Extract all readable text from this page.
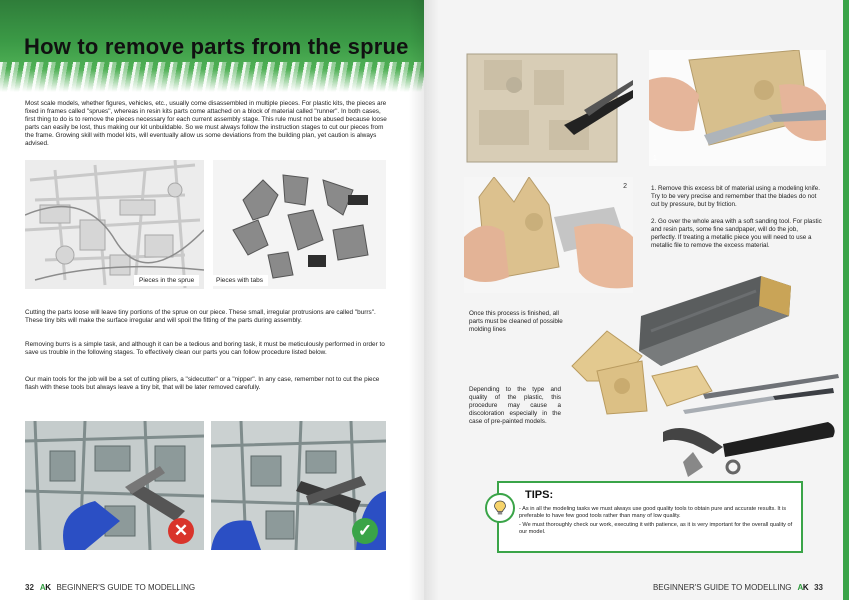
How to remove parts from the sprue

Most scale models, whether figures, vehicles, etc., usually come disassembled in multiple pieces. For plastic kits, the pieces are fixed in frames called "sprues", whereas in resin kits parts come attached on a block of material called "runner". In both cases, first thing to do is to remove the pieces necessary for each current assembly stage. This rule must not be abused because loose parts can easily be lost, thus making our kit unbuildable. So we must always follow the instruction stages to cut our pieces from the frame. Growing skill with model kits, will eventually allow us some deviations from the building plan, yet caution is always advised.

Pieces in the sprue	Pieces with tabs

Cutting the parts loose will leave tiny portions of the sprue on our piece. These small, irregular protrusions are called "burrs". These tiny bits will make the surface irregular and will spoil the fitting of the parts during assembly.

Removing burrs is a simple task, and although it can be a tedious and boring task, it must be meticulously performed in order to save us trouble in the following stages. To effectively clean our parts you can follow procedure listed below.

Our main tools for the job will be a set of cutting pliers, a "sidecutter" or a "nipper". In any case, remember not to cut the piece flash with these tools but always leave a tiny bit, that will be later removed carefully.

✕	✓
32 AK BEGINNER'S GUIDE TO MODELLING
1
2	1. Remove this excess bit of material using a modeling knife. Try to be very precise and remember that the blades do not cut by pressure, but by friction.

2. Go over the whole area with a soft sanding tool. For plastic and resin parts, some fine sandpaper, will do the job, perfectly. If treating a metallic piece you will need to use a metallic file to remove the excess material.

Once this process is finished, all parts must be cleaned of possible molding lines

Depending to the type and quality of the plastic, this procedure may cause a discoloration especially in the case of pre-painted models.

TIPS:
- As in all the modeling tasks we must always use good quality tools to obtain pure and accurate results. It is preferable to have few good tools rather than many of low quality.
- We must thoroughly check our work, executing it with patience, as it is very important for the overall quality of our model.
BEGINNER'S GUIDE TO MODELLING AK 33
